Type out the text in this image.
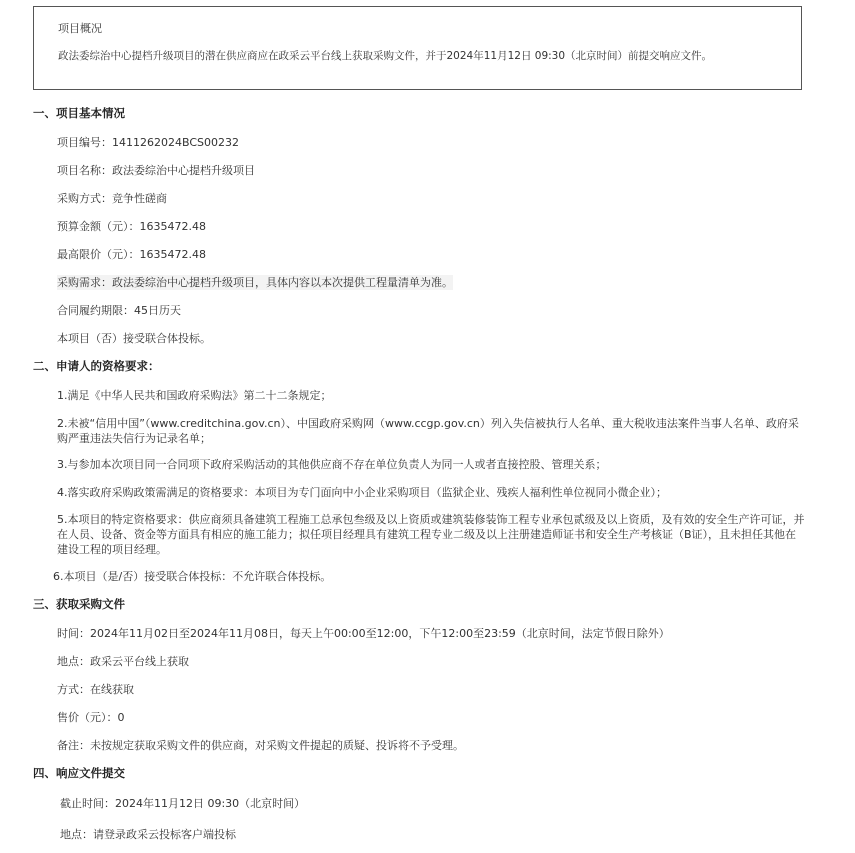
项目概况
政法委综治中心提档升级项目的潜在供应商应在政采云平台线上获取采购文件，并于2024年11月12日 09:30（北京时间）前提交响应文件。
一、项目基本情况
项目编号：1411262024BCS00232
项目名称：政法委综治中心提档升级项目
采购方式：竞争性磋商
预算金额（元）：1635472.48
最高限价（元）：1635472.48
采购需求：政法委综治中心提档升级项目，具体内容以本次提供工程量清单为准。
合同履约期限：45日历天
本项目（否）接受联合体投标。
二、申请人的资格要求：
1.满足《中华人民共和国政府采购法》第二十二条规定；
2.未被“信用中国”（www.creditchina.gov.cn）、中国政府采购网（www.ccgp.gov.cn）列入失信被执行人名单、重大税收违法案件当事人名单、政府采购严重违法失信行为记录名单；
3.与参加本次项目同一合同项下政府采购活动的其他供应商不存在单位负责人为同一人或者直接控股、管理关系；
4.落实政府采购政策需满足的资格要求：本项目为专门面向中小企业采购项目（监狱企业、残疾人福利性单位视同小微企业）；
5.本项目的特定资格要求：供应商须具备建筑工程施工总承包叁级及以上资质或建筑装修装饰工程专业承包贰级及以上资质，及有效的安全生产许可证，并在人员、设备、资金等方面具有相应的施工能力；拟任项目经理具有建筑工程专业二级及以上注册建造师证书和安全生产考核证（B证），且未担任其他在建设工程的项目经理。
6.本项目（是/否）接受联合体投标：不允许联合体投标。
三、获取采购文件
时间：2024年11月02日至2024年11月08日，每天上午00:00至12:00，下午12:00至23:59（北京时间，法定节假日除外）
地点：政采云平台线上获取
方式：在线获取
售价（元）：0
备注：未按规定获取采购文件的供应商，对采购文件提起的质疑、投诉将不予受理。
四、响应文件提交
截止时间：2024年11月12日 09:30（北京时间）
地点：请登录政采云投标客户端投标
